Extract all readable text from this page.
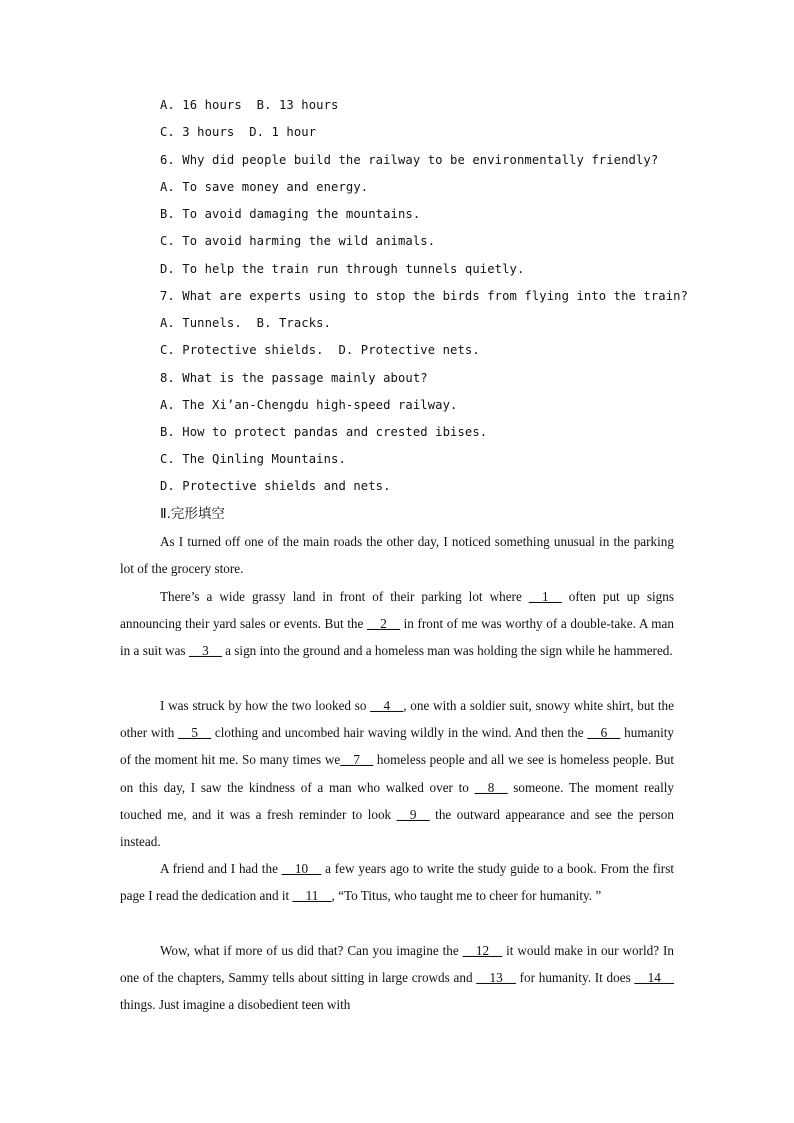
A. 16 hours  B. 13 hours
C. 3 hours  D. 1 hour
6. Why did people build the railway to be environmentally friendly?
A. To save money and energy.
B. To avoid damaging the mountains.
C. To avoid harming the wild animals.
D. To help the train run through tunnels quietly.
7. What are experts using to stop the birds from flying into the train?
A. Tunnels.  B. Tracks.
C. Protective shields.  D. Protective nets.
8. What is the passage mainly about?
A. The Xi’an-Chengdu high-speed railway.
B. How to protect pandas and crested ibises.
C. The Qinling Mountains.
D. Protective shields and nets.
Ⅱ.完形填空
As I turned off one of the main roads the other day, I noticed something unusual in the parking lot of the grocery store.
There’s a wide grassy land in front of their parking lot where __1__ often put up signs announcing their yard sales or events. But the __2__ in front of me was worthy of a double-take. A man in a suit was __3__ a sign into the ground and a homeless man was holding the sign while he hammered.
I was struck by how the two looked so __4__, one with a soldier suit, snowy white shirt, but the other with __5__ clothing and uncombed hair waving wildly in the wind. And then the __6__ humanity of the moment hit me. So many times we__7__ homeless people and all we see is homeless people. But on this day, I saw the kindness of a man who walked over to __8__ someone. The moment really touched me, and it was a fresh reminder to look __9__ the outward appearance and see the person instead.
A friend and I had the __10__ a few years ago to write the study guide to a book. From the first page I read the dedication and it __11__, “To Titus, who taught me to cheer for humanity. ”
Wow, what if more of us did that? Can you imagine the __12__ it would make in our world? In one of the chapters, Sammy tells about sitting in large crowds and __13__ for humanity. It does __14__ things. Just imagine a disobedient teen with
